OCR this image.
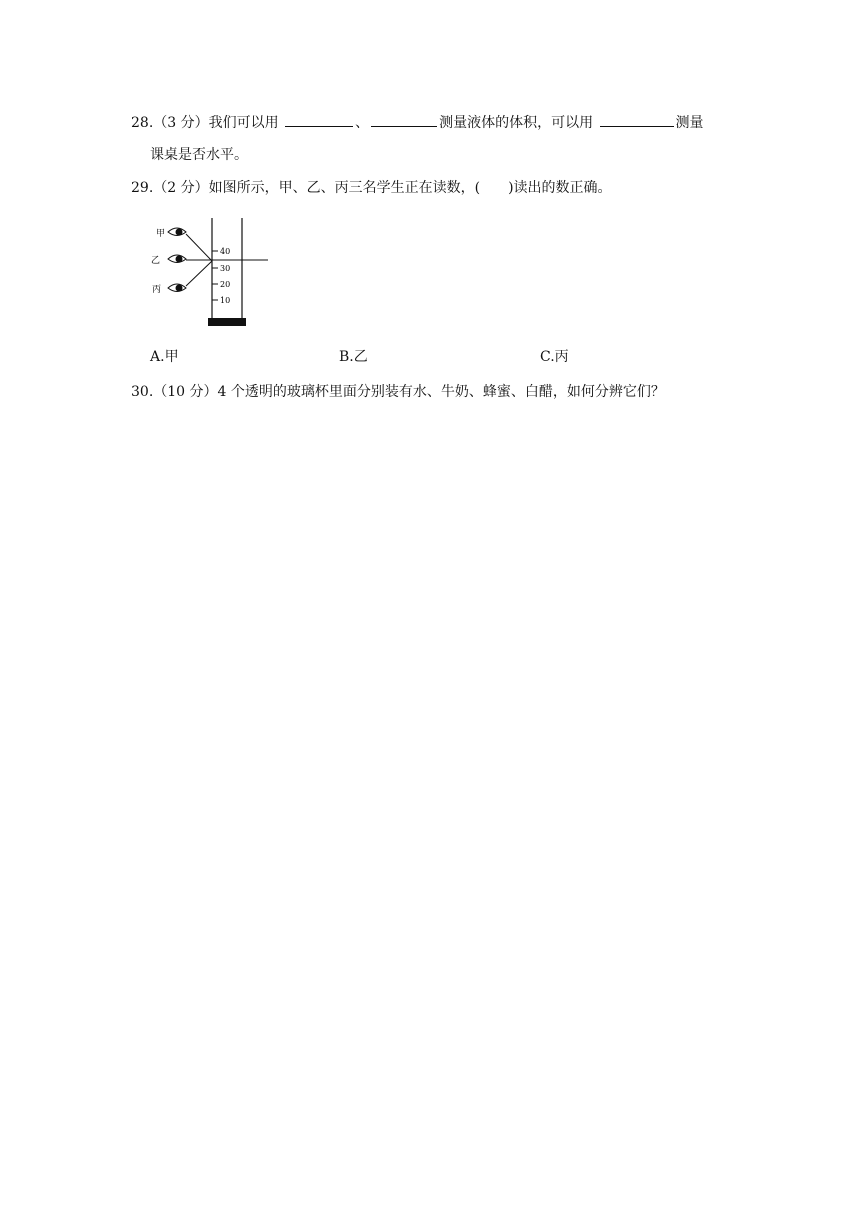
28.（3 分）我们可以用	、	测量液体的体积，可以用	测量
课桌是否水平。
29.（2 分）如图所示，甲、乙、丙三名学生正在读数，( )读出的数正确。
甲
乙
丙
40
30
20
10
A.甲	B.乙	C.丙
30.（10 分）4 个透明的玻璃杯里面分别装有水、牛奶、蜂蜜、白醋，如何分辨它们？
